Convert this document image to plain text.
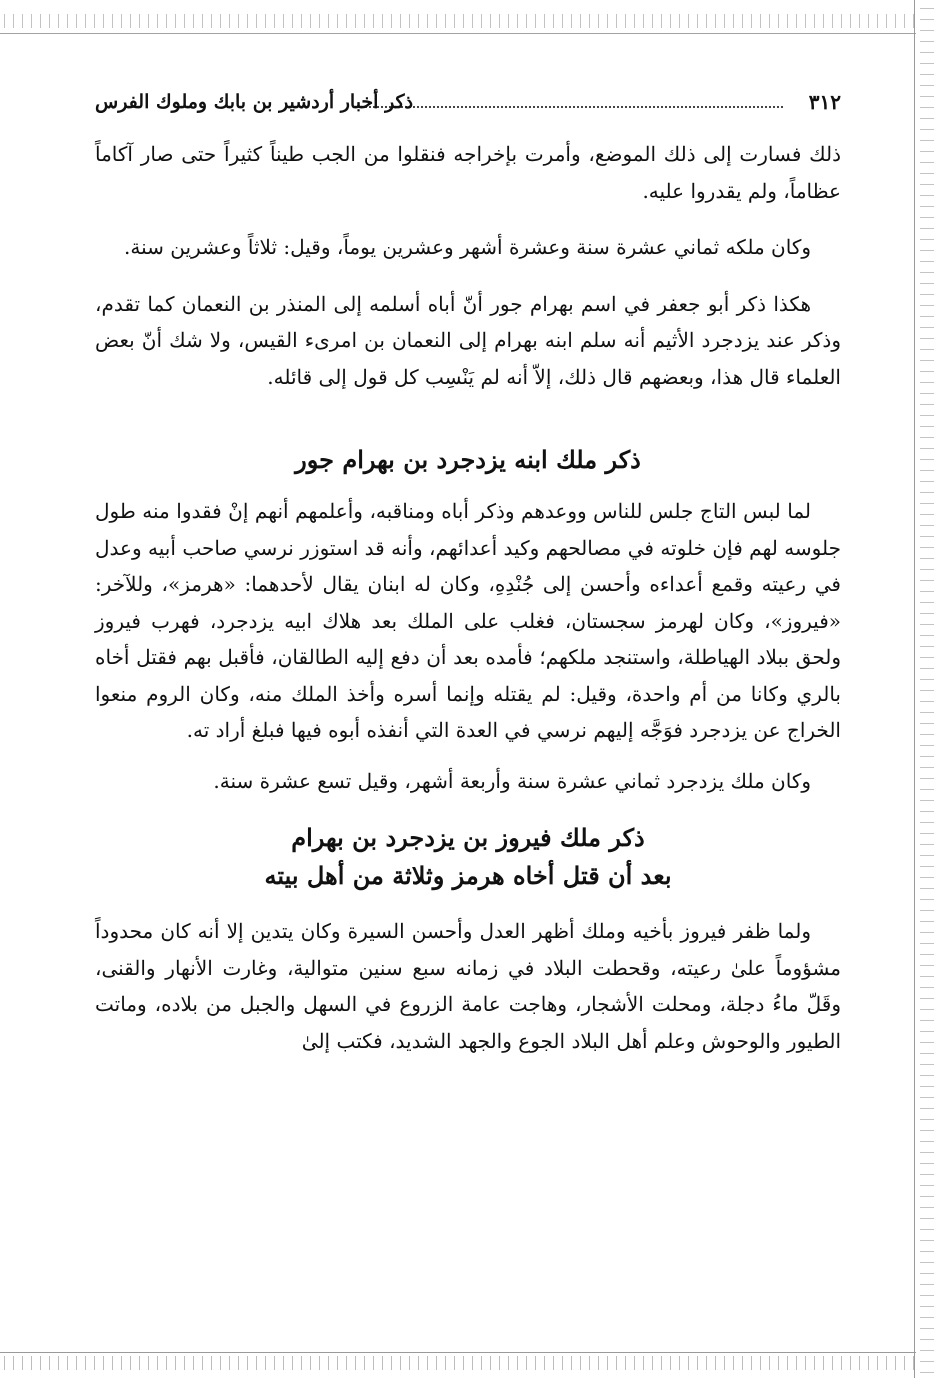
٣١٢
ذكر أخبار أردشير بن بابك وملوك الفرس

ذلك فسارت إلى ذلك الموضع، وأمرت بإخراجه فنقلوا من الجب طيناً كثيراً حتى صار آكاماً عظاماً، ولم يقدروا عليه.

وكان ملكه ثماني عشرة سنة وعشرة أشهر وعشرين يوماً، وقيل: ثلاثاً وعشرين سنة.

هكذا ذكر أبو جعفر في اسم بهرام جور أنّ أباه أسلمه إلى المنذر بن النعمان كما تقدم، وذكر عند يزدجرد الأثيم أنه سلم ابنه بهرام إلى النعمان بن امرىء القيس، ولا شك أنّ بعض العلماء قال هذا، وبعضهم قال ذلك، إلاّ أنه لم يَنْسِب كل قول إلى قائله.

ذكر ملك ابنه يزدجرد بن بهرام جور

لما لبس التاج جلس للناس ووعدهم وذكر أباه ومناقبه، وأعلمهم أنهم إنْ فقدوا منه طول جلوسه لهم فإن خلوته في مصالحهم وكيد أعدائهم، وأنه قد استوزر نرسي صاحب أبيه وعدل في رعيته وقمع أعداءه وأحسن إلى جُنْدِهِ، وكان له ابنان يقال لأحدهما: «هرمز»، وللآخر: «فيروز»، وكان لهرمز سجستان، فغلب على الملك بعد هلاك ابيه يزدجرد، فهرب فيروز ولحق ببلاد الهياطلة، واستنجد ملكهم؛ فأمده بعد أن دفع إليه الطالقان، فأقبل بهم فقتل أخاه بالري وكانا من أم واحدة، وقيل: لم يقتله وإنما أسره وأخذ الملك منه، وكان الروم منعوا الخراج عن يزدجرد فوَجَّه إليهم نرسي في العدة التي أنفذه أبوه فيها فبلغ أراد ته.

وكان ملك يزدجرد ثماني عشرة سنة وأربعة أشهر، وقيل تسع عشرة سنة.

ذكر ملك فيروز بن يزدجرد بن بهرام
بعد أن قتل أخاه هرمز وثلاثة من أهل بيته

ولما ظفر فيروز بأخيه وملك أظهر العدل وأحسن السيرة وكان يتدين إلا أنه كان محدوداً مشؤوماً علىٰ رعيته، وقحطت البلاد في زمانه سبع سنين متوالية، وغارت الأنهار والقنى، وقَلّ ماءُ دجلة، ومحلت الأشجار، وهاجت عامة الزروع في السهل والجبل من بلاده، وماتت الطيور والوحوش وعلم أهل البلاد الجوع والجهد الشديد، فكتب إلىٰ
